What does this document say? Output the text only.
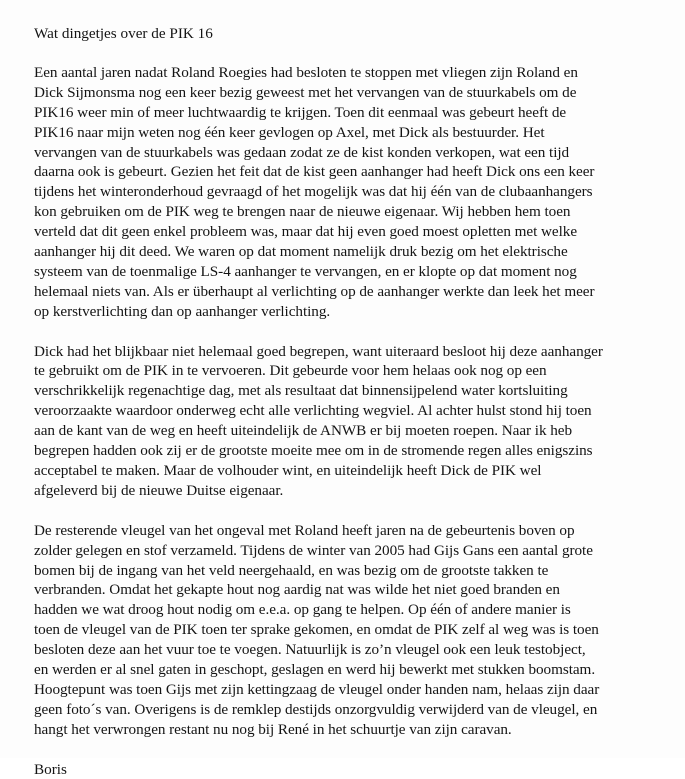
Wat dingetjes over de PIK 16

Een aantal jaren nadat Roland Roegies had besloten te stoppen met vliegen zijn Roland en
Dick Sijmonsma nog een keer bezig geweest met het vervangen van de stuurkabels om de
PIK16 weer min of meer luchtwaardig te krijgen. Toen dit eenmaal was gebeurt heeft de
PIK16 naar mijn weten nog één keer gevlogen op Axel, met Dick als bestuurder. Het
vervangen van de stuurkabels was gedaan zodat ze de kist konden verkopen, wat een tijd
daarna ook is gebeurt. Gezien het feit dat de kist geen aanhanger had heeft Dick ons een keer
tijdens het winteronderhoud gevraagd of het mogelijk was dat hij één van de clubaanhangers
kon gebruiken om de PIK weg te brengen naar de nieuwe eigenaar. Wij hebben hem toen
verteld dat dit geen enkel probleem was, maar dat hij even goed moest opletten met welke
aanhanger hij dit deed. We waren op dat moment namelijk druk bezig om het elektrische
systeem van de toenmalige LS-4 aanhanger te vervangen, en er klopte op dat moment nog
helemaal niets van. Als er überhaupt al verlichting op de aanhanger werkte dan leek het meer
op kerstverlichting dan op aanhanger verlichting.

Dick had het blijkbaar niet helemaal goed begrepen, want uiteraard besloot hij deze aanhanger
te gebruikt om de PIK in te vervoeren. Dit gebeurde voor hem helaas ook nog op een
verschrikkelijk regenachtige dag, met als resultaat dat binnensijpelend water kortsluiting
veroorzaakte waardoor onderweg echt alle verlichting wegviel. Al achter hulst stond hij toen
aan de kant van de weg en heeft uiteindelijk de ANWB er bij moeten roepen. Naar ik heb
begrepen hadden ook zij er de grootste moeite mee om in de stromende regen alles enigszins
acceptabel te maken. Maar de volhouder wint, en uiteindelijk heeft Dick de PIK wel
afgeleverd bij de nieuwe Duitse eigenaar.

De resterende vleugel van het ongeval met Roland heeft jaren na de gebeurtenis boven op
zolder gelegen en stof verzameld. Tijdens de winter van 2005 had Gijs Gans een aantal grote
bomen bij de ingang van het veld neergehaald, en was bezig om de grootste takken te
verbranden. Omdat het gekapte hout nog aardig nat was wilde het niet goed branden en
hadden we wat droog hout nodig om e.e.a. op gang te helpen. Op één of andere manier is
toen de vleugel van de PIK toen ter sprake gekomen, en omdat de PIK zelf al weg was is toen
besloten deze aan het vuur toe te voegen. Natuurlijk is zo’n vleugel ook een leuk testobject,
en werden er al snel gaten in geschopt, geslagen en werd hij bewerkt met stukken boomstam.
Hoogtepunt was toen Gijs met zijn kettingzaag de vleugel onder handen nam, helaas zijn daar
geen foto´s van. Overigens is de remklep destijds onzorgvuldig verwijderd van de vleugel, en
hangt het verwrongen restant nu nog bij René in het schuurtje van zijn caravan.

Boris
